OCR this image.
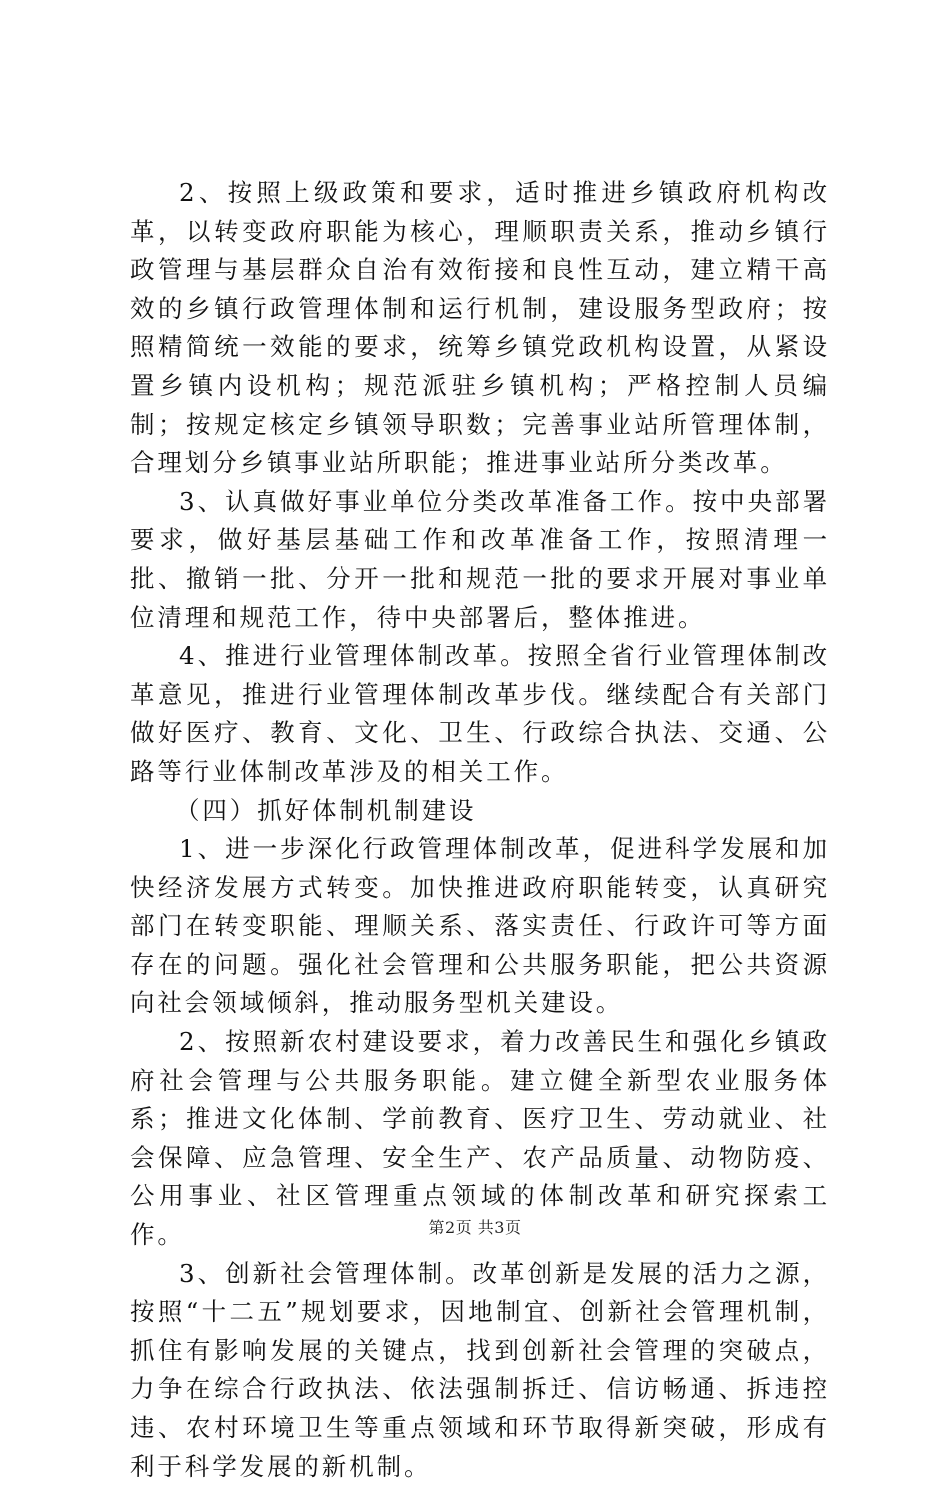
2、按照上级政策和要求，适时推进乡镇政府机构改革，以转变政府职能为核心，理顺职责关系，推动乡镇行政管理与基层群众自治有效衔接和良性互动，建立精干高效的乡镇行政管理体制和运行机制，建设服务型政府；按照精简统一效能的要求，统筹乡镇党政机构设置，从紧设置乡镇内设机构；规范派驻乡镇机构；严格控制人员编制；按规定核定乡镇领导职数；完善事业站所管理体制，合理划分乡镇事业站所职能；推进事业站所分类改革。

3、认真做好事业单位分类改革准备工作。按中央部署要求，做好基层基础工作和改革准备工作，按照清理一批、撤销一批、分开一批和规范一批的要求开展对事业单位清理和规范工作，待中央部署后，整体推进。

4、推进行业管理体制改革。按照全省行业管理体制改革意见，推进行业管理体制改革步伐。继续配合有关部门做好医疗、教育、文化、卫生、行政综合执法、交通、公路等行业体制改革涉及的相关工作。

（四）抓好体制机制建设

1、进一步深化行政管理体制改革，促进科学发展和加快经济发展方式转变。加快推进政府职能转变，认真研究部门在转变职能、理顺关系、落实责任、行政许可等方面存在的问题。强化社会管理和公共服务职能，把公共资源向社会领域倾斜，推动服务型机关建设。

2、按照新农村建设要求，着力改善民生和强化乡镇政府社会管理与公共服务职能。建立健全新型农业服务体系；推进文化体制、学前教育、医疗卫生、劳动就业、社会保障、应急管理、安全生产、农产品质量、动物防疫、公用事业、社区管理重点领域的体制改革和研究探索工作。

3、创新社会管理体制。改革创新是发展的活力之源，按照“十二五”规划要求，因地制宜、创新社会管理机制，抓住有影响发展的关键点，找到创新社会管理的突破点，力争在综合行政执法、依法强制拆迁、信访畅通、拆违控违、农村环境卫生等重点领域和环节取得新突破，形成有利于科学发展的新机制。

第2页 共3页
